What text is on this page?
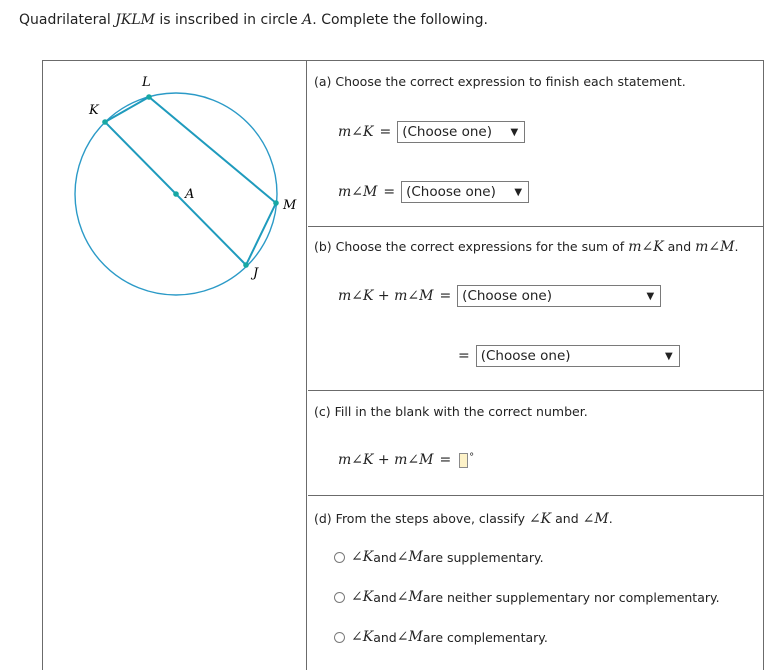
Quadrilateral JKLM is inscribed in circle A. Complete the following.
K
L
A
M
J
(a) Choose the correct expression to finish each statement.
m∠K = (Choose one) ▼
m∠M = (Choose one) ▼
(b) Choose the correct expressions for the sum of m∠K and m∠M.
m∠K + m∠M = (Choose one)	▼
= (Choose one)	▼
(c) Fill in the blank with the correct number.
m∠K + m∠M = °
(d) From the steps above, classify ∠K and ∠M.
∠K and ∠M are supplementary.
∠K and ∠M are neither supplementary nor complementary.
∠K and ∠M are complementary.
